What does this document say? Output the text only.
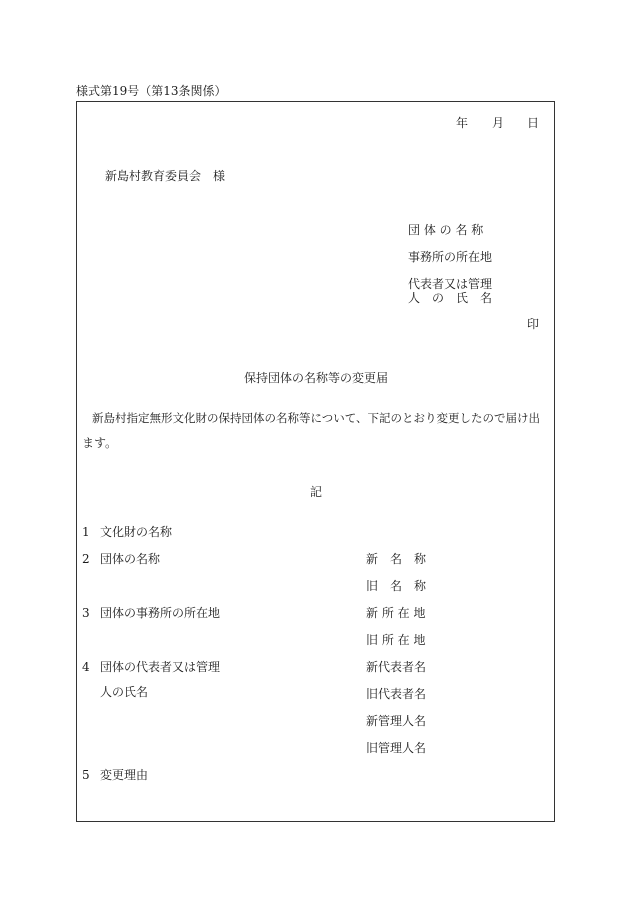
様式第19号（第13条関係）
年 月 日
新島村教育委員会　様
団 体 の 名 称
事務所の所在地
代表者又は管理
人　の　氏　名
印
保持団体の名称等の変更届
新島村指定無形文化財の保持団体の名称等について、下記のとおり変更したので届け出
ます。
記
1 文化財の名称
2 団体の名称	新　名　称
旧　名　称
3 団体の事務所の所在地	新 所 在 地
旧 所 在 地
4 団体の代表者又は管理
人の氏名
新代表者名
旧代表者名
新管理人名
旧管理人名
5 変更理由
